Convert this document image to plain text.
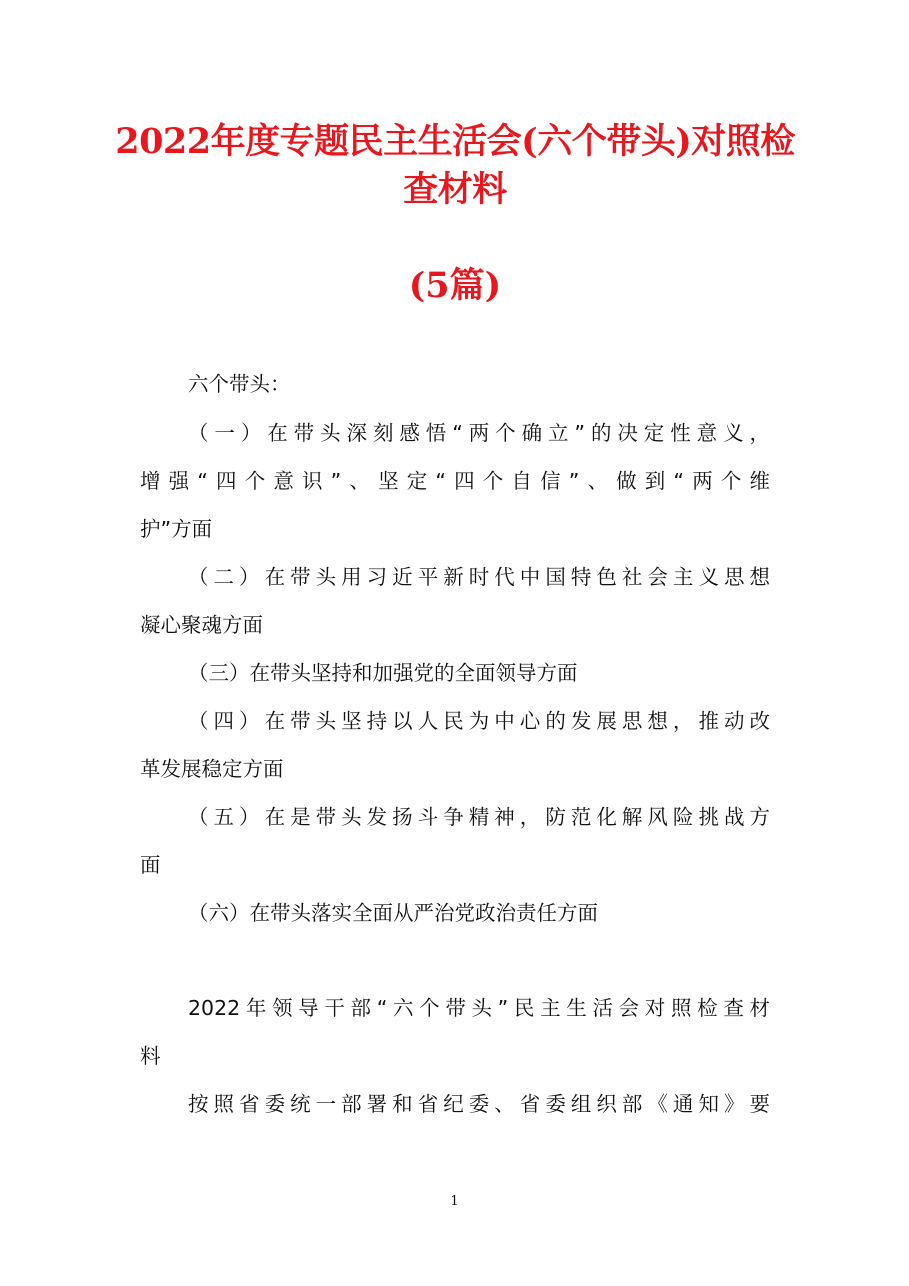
2022年度专题民主生活会(六个带头)对照检
查材料
(5篇)
六个带头：
（一）在带头深刻感悟“两个确立”的决定性意义，
增强“四个意识”、坚定“四个自信”、做到“两个维
护”方面
（二）在带头用习近平新时代中国特色社会主义思想
凝心聚魂方面
（三）在带头坚持和加强党的全面领导方面
（四）在带头坚持以人民为中心的发展思想，推动改
革发展稳定方面
（五）在是带头发扬斗争精神，防范化解风险挑战方
面
（六）在带头落实全面从严治党政治责任方面
2022年领导干部“六个带头”民主生活会对照检查材
料
按照省委统一部署和省纪委、省委组织部《通知》要
1
